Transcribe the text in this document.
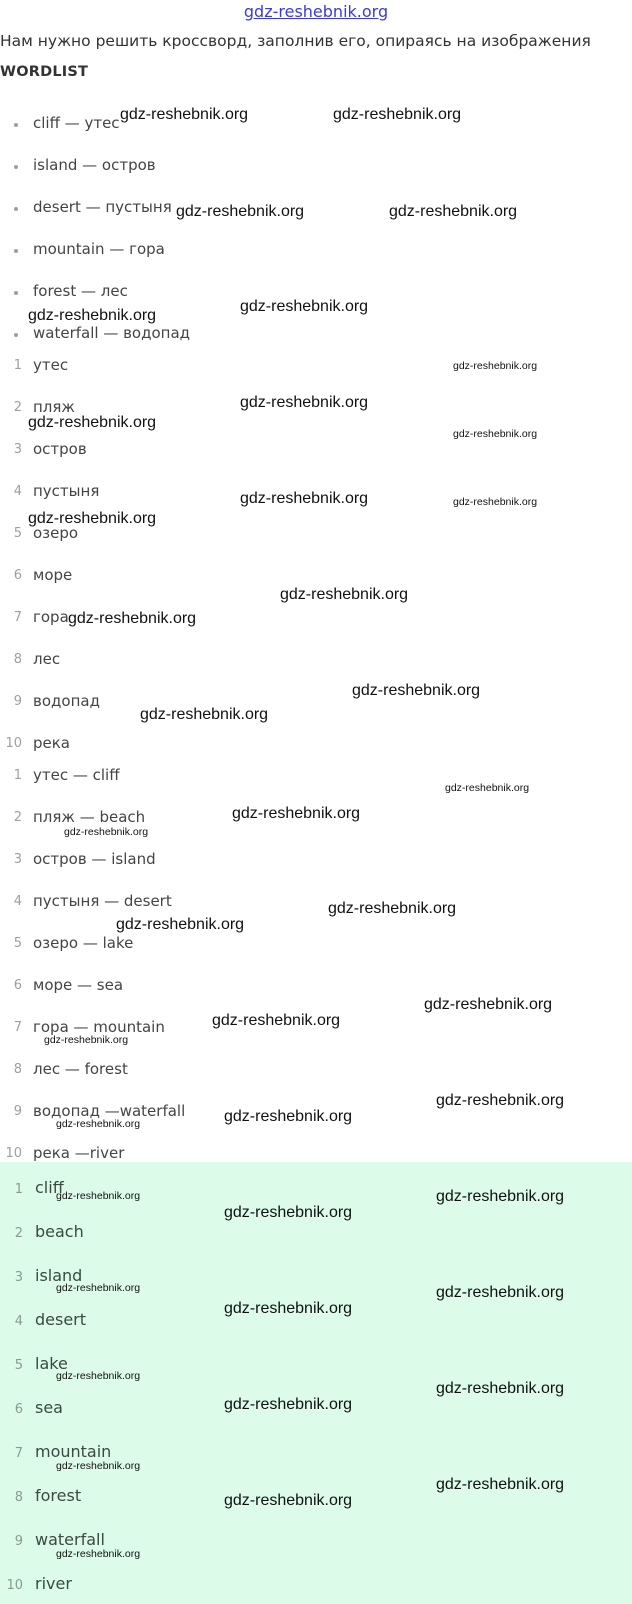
gdz-reshebnik.org
Нам нужно решить кроссворд, заполнив его, опираясь на изображения
WORDLIST
cliff — утес
island — остров
desert — пустыня
mountain — гора
forest — лес
waterfall — водопад
1 утес
2 пляж
3 остров
4 пустыня
5 озеро
6 море
7 гора
8 лес
9 водопад
10 река
1 утес — cliff
2 пляж — beach
3 остров — island
4 пустыня — desert
5 озеро — lake
6 море — sea
7 гора — mountain
8 лес — forest
9 водопад —waterfall
10 река —river
1 cliff
2 beach
3 island
4 desert
5 lake
6 sea
7 mountain
8 forest
9 waterfall
10 river
gdz-reshebnik.org	gdz-reshebnik.org
gdz-reshebnik.org	gdz-reshebnik.org
gdz-reshebnik.org
gdz-reshebnik.org
gdz-reshebnik.org
gdz-reshebnik.org
gdz-reshebnik.org
gdz-reshebnik.org
gdz-reshebnik.org	gdz-reshebnik.org
gdz-reshebnik.org
gdz-reshebnik.org
gdz-reshebnik.org
gdz-reshebnik.org
gdz-reshebnik.org
gdz-reshebnik.org
gdz-reshebnik.org
gdz-reshebnik.org
gdz-reshebnik.org
gdz-reshebnik.org
gdz-reshebnik.org
gdz-reshebnik.org
gdz-reshebnik.org
gdz-reshebnik.org
gdz-reshebnik.org
gdz-reshebnik.org
gdz-reshebnik.org
gdz-reshebnik.org
gdz-reshebnik.org
gdz-reshebnik.org
gdz-reshebnik.org
gdz-reshebnik.org
gdz-reshebnik.org
gdz-reshebnik.org
gdz-reshebnik.org
gdz-reshebnik.org
gdz-reshebnik.org
gdz-reshebnik.org
gdz-reshebnik.org
